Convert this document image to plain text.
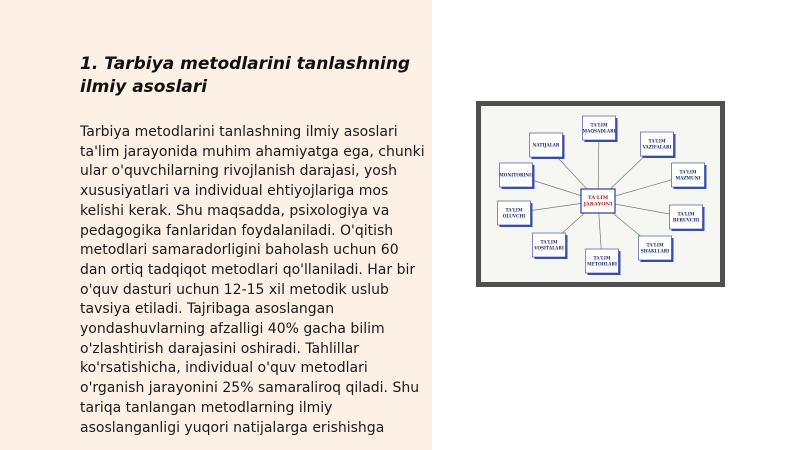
1. Tarbiya metodlarini tanlashning
ilmiy asoslari

Tarbiya metodlarini tanlashning ilmiy asoslari ta'lim jarayonida muhim ahamiyatga ega, chunki ular o'quvchilarning rivojlanish darajasi, yosh xususiyatlari va individual ehtiyojlariga mos kelishi kerak. Shu maqsadda, psixologiya va pedagogika fanlaridan foydalaniladi. O'qitish metodlari samaradorligini baholash uchun 60 dan ortiq tadqiqot metodlari qo'llaniladi. Har bir o'quv dasturi uchun 12-15 xil metodik uslub tavsiya etiladi. Tajribaga asoslangan yondashuvlarning afzalligi 40% gacha bilim o'zlashtirish darajasini oshiradi. Tahlillar ko'rsatishicha, individual o'quv metodlari o'rganish jarayonini 25% samaraliroq qiladi. Shu tariqa tanlangan metodlarning ilmiy asoslanganligi yuqori natijalarga erishishga

TA'LIM
MAQSADLARI
TA'LIM
VAZIFALARI
TA'LIM
MAZMUNI
TA'LIM
BERUVCHI
TA'LIM
SHAKLLARI
TA'LIM
METODLARI
TA'LIM
VOSITALARI
TA'LIM
OLUVCHI
MONITORING
NATIJALAR
TA'LIM
JARAYONI
